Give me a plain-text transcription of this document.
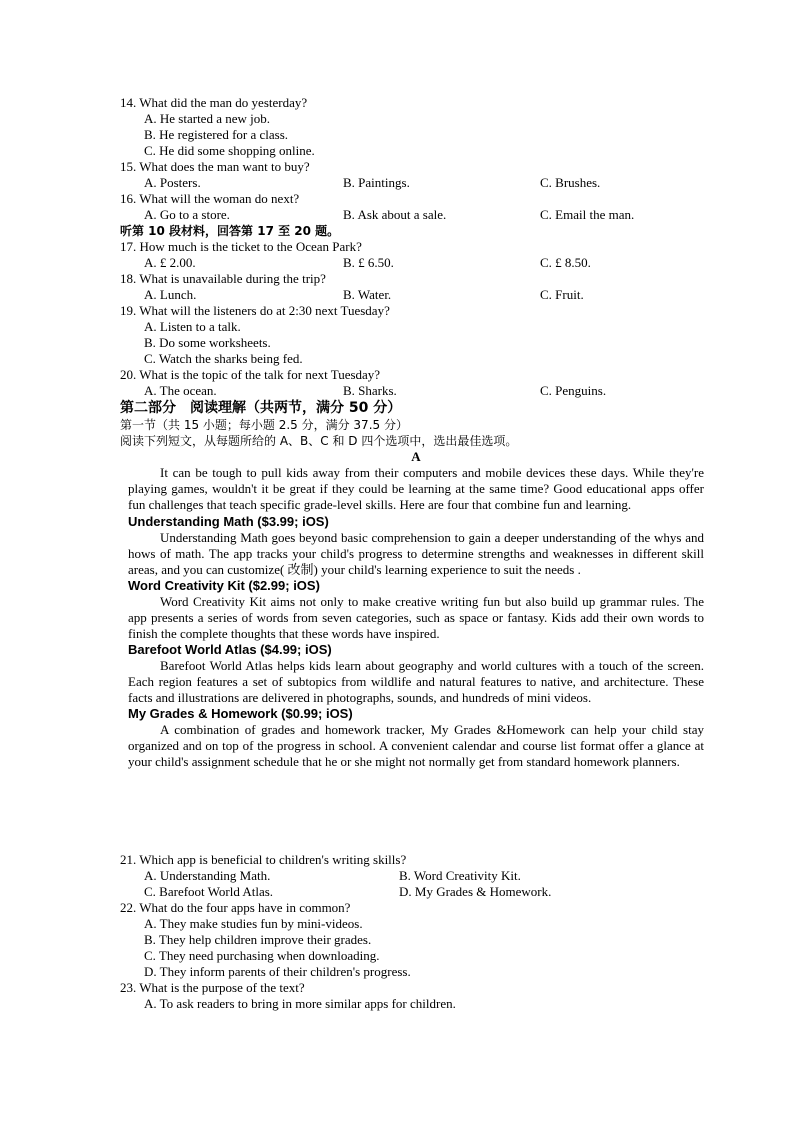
14. What did the man do yesterday?
A. He started a new job.
B. He registered for a class.
C. He did some shopping online.
15. What does the man want to buy?
A. Posters.	B. Paintings.	C. Brushes.
16. What will the woman do next?
A. Go to a store.	B. Ask about a sale.	C. Email the man.
听第 10 段材料，回答第 17 至 20 题。
17. How much is the ticket to the Ocean Park?
A. £ 2.00.	B. £ 6.50.	C. £ 8.50.
18. What is unavailable during the trip?
A. Lunch.	B. Water.	C. Fruit.
19. What will the listeners do at 2:30 next Tuesday?
A. Listen to a talk.
B. Do some worksheets.
C. Watch the sharks being fed.
20. What is the topic of the talk for next Tuesday?
A. The ocean.	B. Sharks.	C. Penguins.
第二部分　阅读理解（共两节，满分 50 分）
第一节（共 15 小题；每小题 2.5 分，满分 37.5 分）
阅读下列短文，从每题所给的 A、B、C 和 D 四个选项中，选出最佳选项。
A

It can be tough to pull kids away from their computers and mobile devices these days. While they're playing games, wouldn't it be great if they could be learning at the same time? Good educational apps offer fun challenges that teach specific grade-level skills. Here are four that combine fun and learning.

Understanding Math ($3.99; iOS)

Understanding Math goes beyond basic comprehension to gain a deeper understanding of the whys and hows of math. The app tracks your child's progress to determine strengths and weaknesses in different skill areas, and you can customize( 改制) your child's learning experience to suit the needs .

Word Creativity Kit ($2.99; iOS)

Word Creativity Kit aims not only to make creative writing fun but also build up grammar rules. The app presents a series of words from seven categories, such as space or fantasy. Kids add their own words to finish the complete thoughts that these words have inspired.

Barefoot World Atlas ($4.99; iOS)

Barefoot World Atlas helps kids learn about geography and world cultures with a touch of the screen. Each region features a set of subtopics from wildlife and natural features to native, and architecture. These facts and illustrations are delivered in photographs, sounds, and hundreds of mini videos.

My Grades & Homework ($0.99; iOS)

A combination of grades and homework tracker, My Grades &Homework can help your child stay organized and on top of the progress in school. A convenient calendar and course list format offer a glance at your child's assignment schedule that he or she might not normally get from standard homework planners.

21. Which app is beneficial to children's writing skills?
A. Understanding Math.	B. Word Creativity Kit.
C. Barefoot World Atlas.	D. My Grades & Homework.
22. What do the four apps have in common?
A. They make studies fun by mini-videos.
B. They help children improve their grades.
C. They need purchasing when downloading.
D. They inform parents of their children's progress.
23. What is the purpose of the text?
A. To ask readers to bring in more similar apps for children.
